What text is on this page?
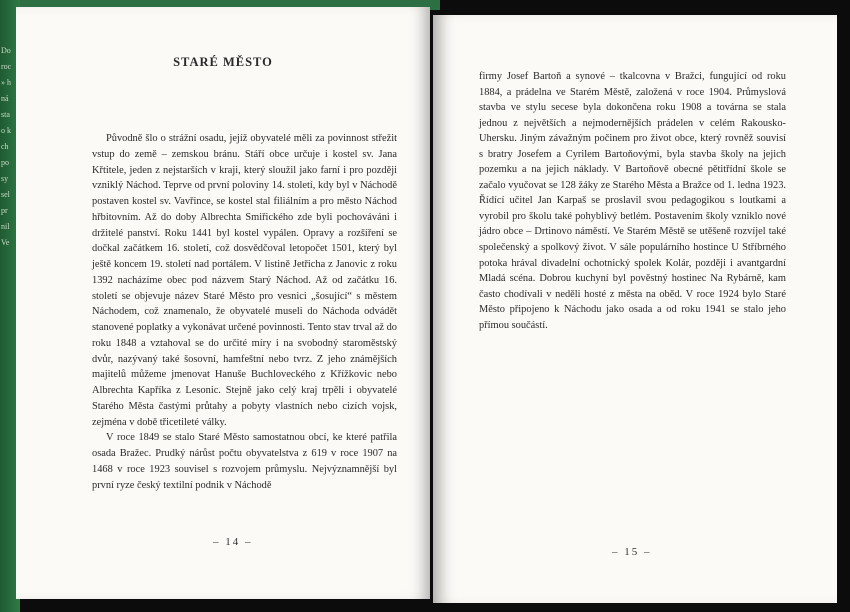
Do
roc
» h
ná
sta
o k
ch
po
sy
sel
pr
nil
Ve
STARÉ MĚSTO

Původně šlo o strážní osadu, jejíž obyvatelé měli za povinnost střežit vstup do země – zemskou bránu. Stáří obce určuje i kostel sv. Jana Křtitele, jeden z nejstarších v kraji, který sloužil jako farní i pro později vzniklý Náchod. Teprve od první poloviny 14. století, kdy byl v Náchodě postaven kostel sv. Vavřince, se kostel stal filiálním a pro město Náchod hřbitovním. Až do doby Albrechta Smiřického zde byli pochováváni i držitelé panství. Roku 1441 byl kostel vypálen. Opravy a rozšíření se dočkal začátkem 16. století, což dosvědčoval letopočet 1501, který byl ještě koncem 19. století nad portálem. V listině Jetřicha z Janovic z roku 1392 nacházíme obec pod názvem Starý Náchod. Až od začátku 16. století se objevuje název Staré Město pro vesnici „šosující“ s městem Náchodem, což znamenalo, že obyvatelé museli do Náchoda odvádět stanovené poplatky a vykonávat určené povinnosti. Tento stav trval až do roku 1848 a vztahoval se do určité míry i na svobodný staroměstský dvůr, nazývaný také šosovní, hamfeštní nebo tvrz. Z jeho známějších majitelů můžeme jmenovat Hanuše Buchloveckého z Křížkovic nebo Albrechta Kapříka z Lesonic. Stejně jako celý kraj trpěli i obyvatelé Starého Města častými průtahy a pobyty vlastních nebo cizích vojsk, zejména v době třicetileté války.

V roce 1849 se stalo Staré Město samostatnou obcí, ke které patřila osada Bražec. Prudký nárůst počtu obyvatelstva z 619 v roce 1907 na 1468 v roce 1923 souvisel s rozvojem průmyslu. Nejvýznamnější byl první ryze český textilní podnik v Náchodě

– 14 –

firmy Josef Bartoň a synové – tkalcovna v Bražci, fungující od roku 1884, a prádelna ve Starém Městě, založená v roce 1904. Průmyslová stavba ve stylu secese byla dokončena roku 1908 a továrna se stala jednou z největších a nejmodernějších prádelen v celém Rakousko-Uhersku. Jiným závažným počinem pro život obce, který rovněž souvisí s bratry Josefem a Cyrilem Bartoňovými, byla stavba školy na jejich pozemku a na jejich náklady. V Bartoňově obecné pětitřídní škole se začalo vyučovat se 128 žáky ze Starého Města a Bražce od 1. ledna 1923. Řídící učitel Jan Karpaš se proslavil svou pedagogikou s loutkami a vyrobil pro školu také pohyblivý betlém. Postavením školy vzniklo nové jádro obce – Drtinovo náměstí. Ve Starém Městě se utěšeně rozvíjel také společenský a spolkový život. V sále populárního hostince U Stříbrného potoka hrával divadelní ochotnický spolek Kolár, později i avantgardní Mladá scéna. Dobrou kuchyní byl pověstný hostinec Na Rybárně, kam často chodívali v neděli hosté z města na oběd. V roce 1924 bylo Staré Město připojeno k Náchodu jako osada a od roku 1941 se stalo jeho přímou součástí.

– 15 –
